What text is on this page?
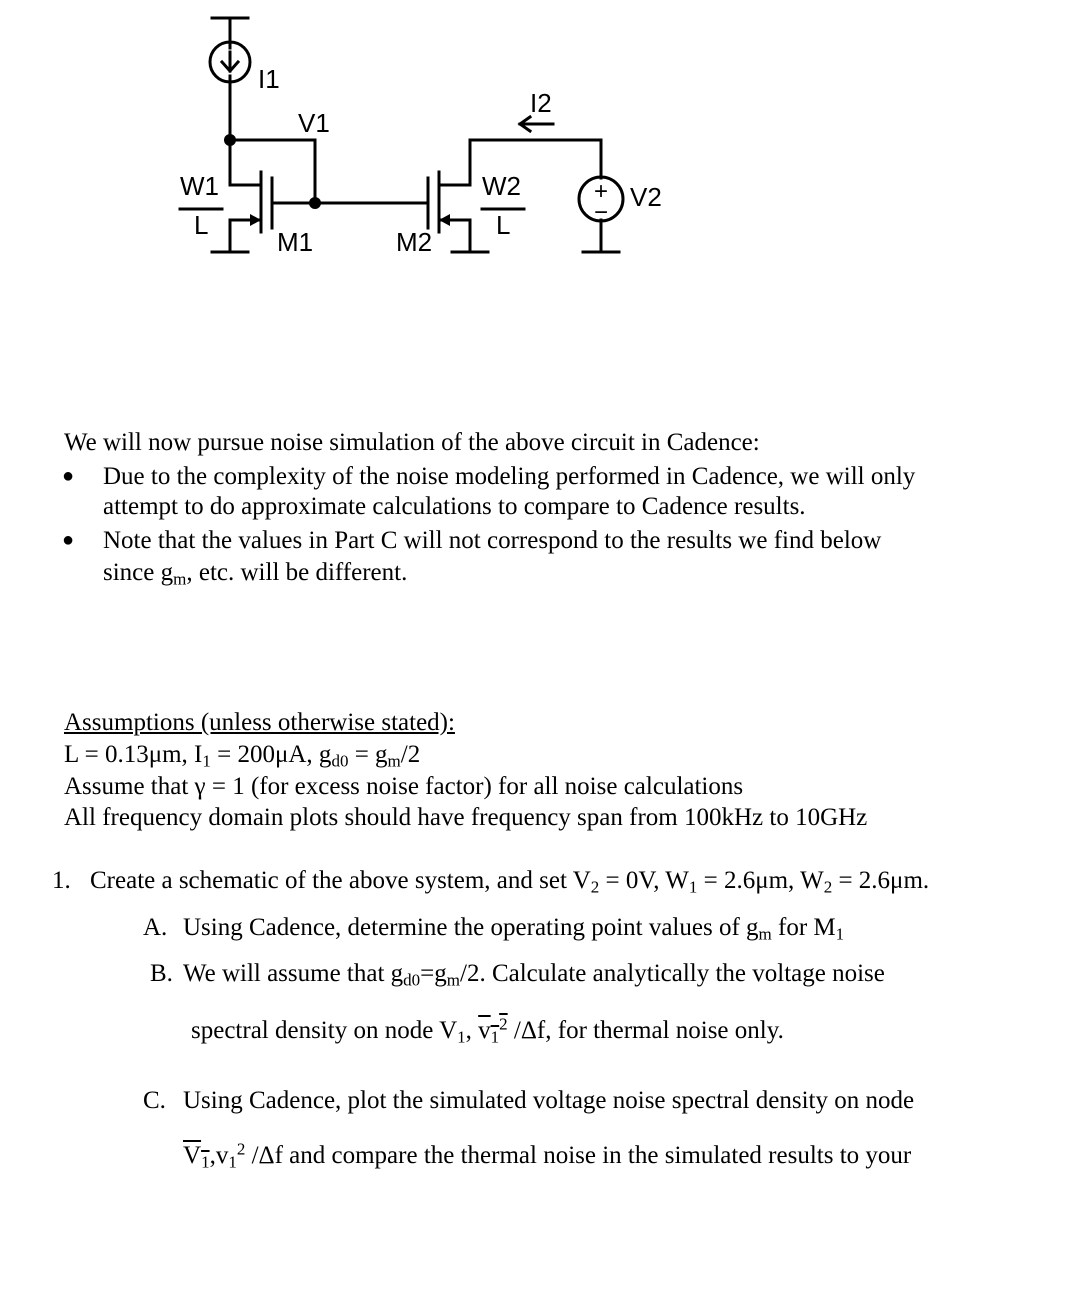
I1
I2
V1
W1
L
M1	M2
W2
L
V2
+
−
We will now pursue noise simulation of the above circuit in Cadence:
● Due to the complexity of the noise modeling performed in Cadence, we will only
attempt to do approximate calculations to compare to Cadence results.
● Note that the values in Part C will not correspond to the results we find below
since $g_m$, etc. will be different.
Assumptions (unless otherwise stated):
L = 0.13μm, $I_1 = 200\mu A$, $g_{d0} = g_m/2$
Assume that γ = 1 (for excess noise factor) for all noise calculations
All frequency domain plots should have frequency span from 100kHz to 10GHz
1. Create a schematic of the above system, and set $V_2 = 0V$, $W_1 = 2.6\mu m$, $W_2 = 2.6\mu m$.
A. Using Cadence, determine the operating point values of $g_m$ for $M_1$
B. We will assume that $g_{d0}=g_m/2$. Calculate analytically the voltage noise
spectral density on node $V_1$, $v_1^2$ /Δf, for thermal noise only.
C. Using Cadence, plot the simulated voltage noise spectral density on node
$V_1,v_1^2$ /Δf and compare the thermal noise in the simulated results to your
